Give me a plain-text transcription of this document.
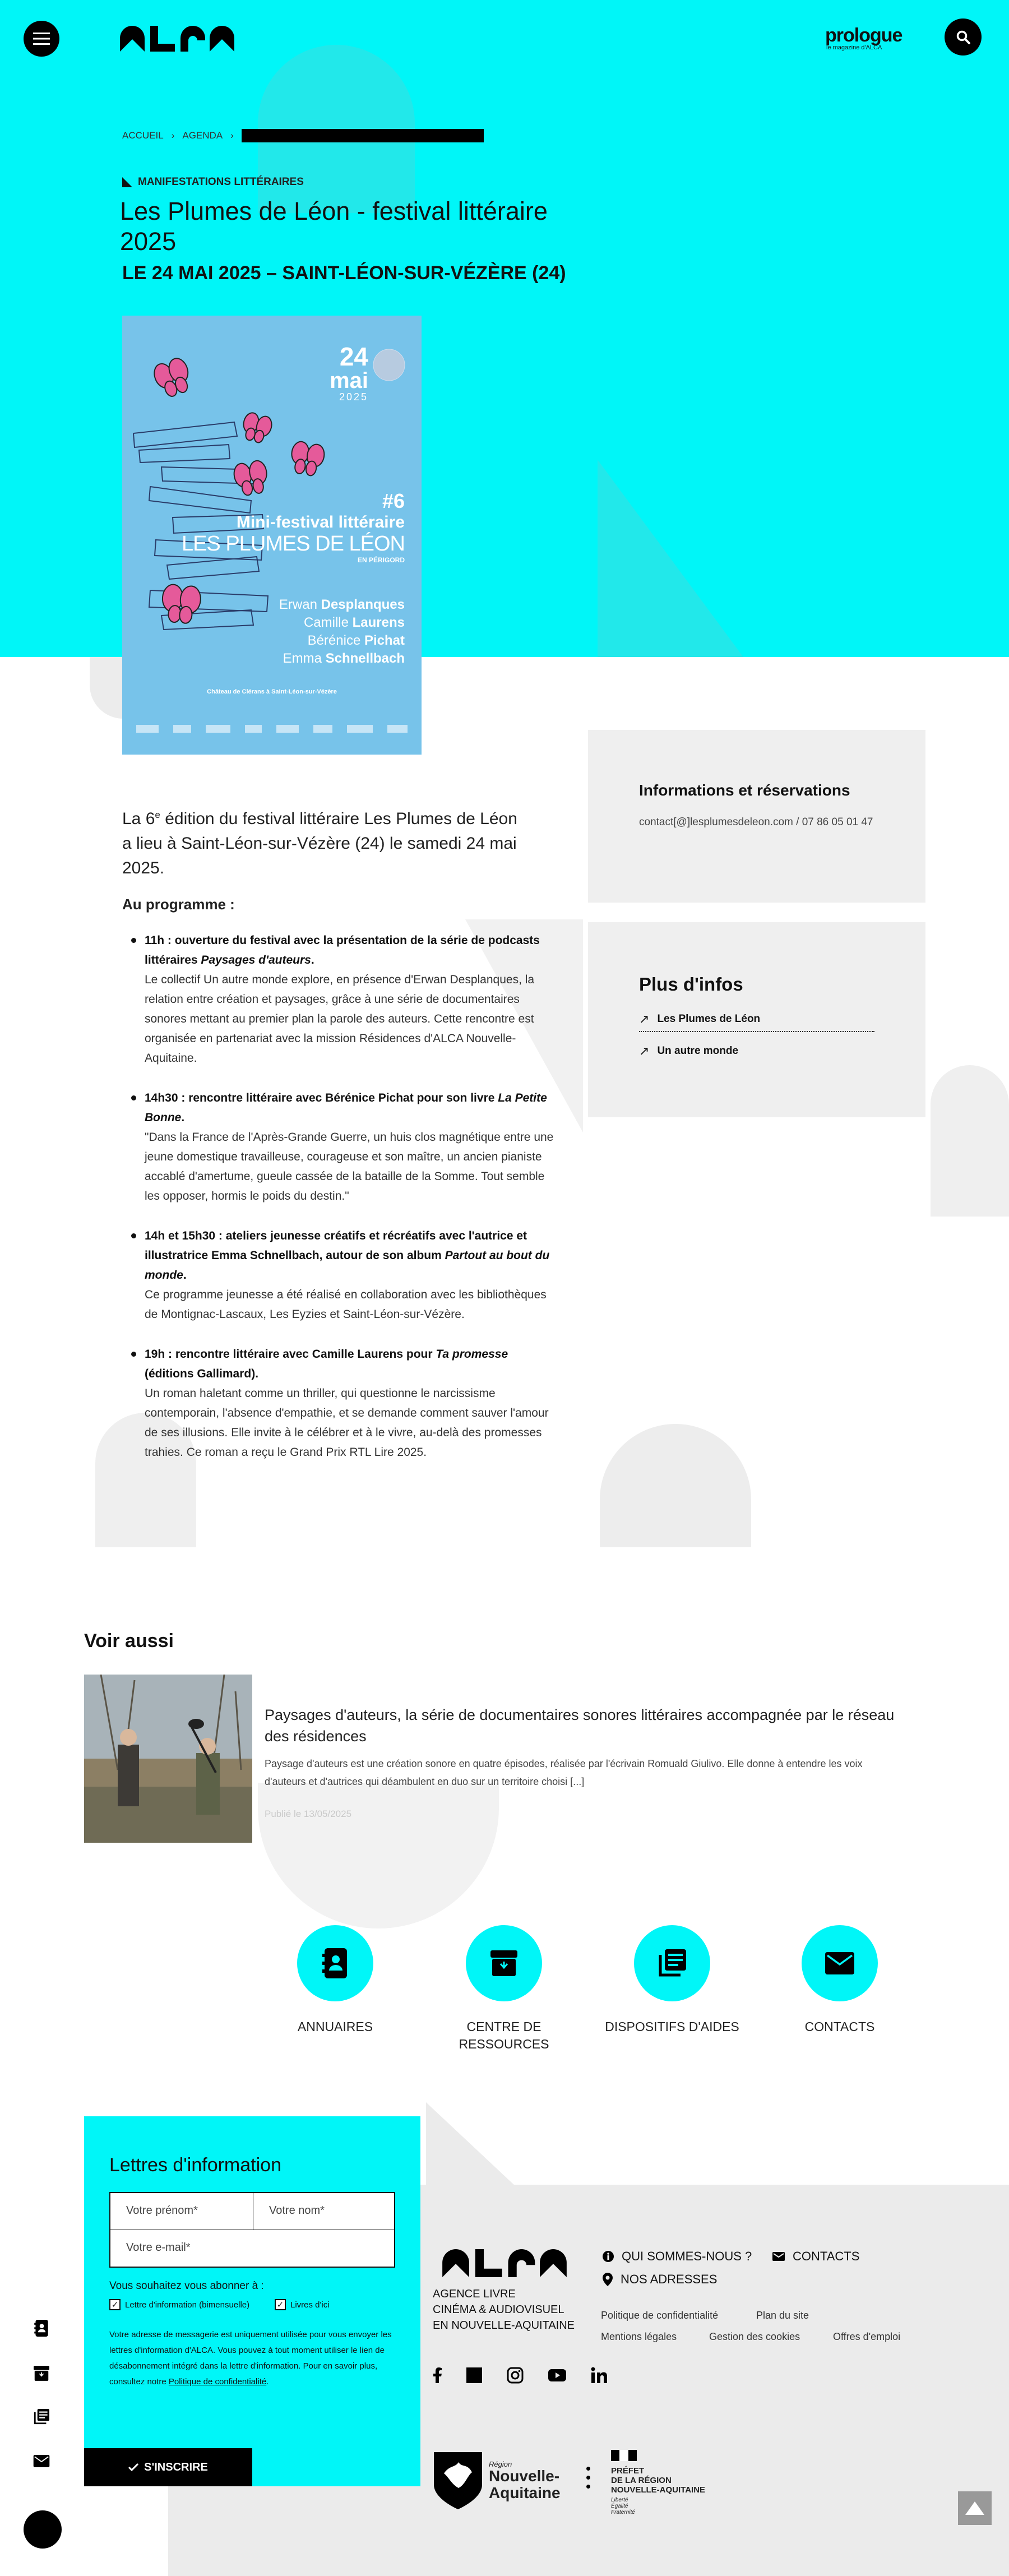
prologue
le magazine d'ALCA
ACCUEIL › AGENDA ›
MANIFESTATIONS LITTÉRAIRES
Les Plumes de Léon - festival littéraire 2025
LE 24 MAI 2025 – SAINT-LÉON-SUR-VÉZÈRE (24)
24
mai
2025
#6
Mini-festival littéraire
LES PLUMES DE LÉON
EN PÉRIGORD
Erwan Desplanques
Camille Laurens
Bérénice Pichat
Emma Schnellbach
Château de Clérans à Saint-Léon-sur-Vézère

La 6e édition du festival littéraire Les Plumes de Léon a lieu à Saint-Léon-sur-Vézère (24) le samedi 24 mai 2025.

Au programme :
11h : ouverture du festival avec la présentation de la série de podcasts littéraires Paysages d'auteurs.
Le collectif Un autre monde explore, en présence d'Erwan Desplanques, la relation entre création et paysages, grâce à une série de documentaires sonores mettant au premier plan la parole des auteurs. Cette rencontre est organisée en partenariat avec la mission Résidences d'ALCA Nouvelle-Aquitaine.
14h30 : rencontre littéraire avec Bérénice Pichat pour son livre La Petite Bonne.
"Dans la France de l'Après-Grande Guerre, un huis clos magnétique entre une jeune domestique travailleuse, courageuse et son maître, un ancien pianiste accablé d'amertume, gueule cassée de la bataille de la Somme. Tout semble les opposer, hormis le poids du destin."
14h et 15h30 : ateliers jeunesse créatifs et récréatifs avec l'autrice et illustratrice Emma Schnellbach, autour de son album Partout au bout du monde.
Ce programme jeunesse a été réalisé en collaboration avec les bibliothèques de Montignac-Lascaux, Les Eyzies et Saint-Léon-sur-Vézère.
19h : rencontre littéraire avec Camille Laurens pour Ta promesse (éditions Gallimard).
Un roman haletant comme un thriller, qui questionne le narcissisme contemporain, l'absence d'empathie, et se demande comment sauver l'amour de ses illusions. Elle invite à le célébrer et à le vivre, au-delà des promesses trahies. Ce roman a reçu le Grand Prix RTL Lire 2025.
Informations et réservations
contact[@]lesplumesdeleon.com / 07 86 05 01 47
Plus d'infos
↗ Les Plumes de Léon
↗ Un autre monde
Voir aussi
Paysages d'auteurs, la série de documentaires sonores littéraires accompagnée par le réseau des résidences
Paysage d'auteurs est une création sonore en quatre épisodes, réalisée par l'écrivain Romuald Giulivo. Elle donne à entendre les voix d'auteurs et d'autrices qui déambulent en duo sur un territoire choisi [...]
Publié le 13/05/2025
ANNUAIRES	CENTRE DE RESSOURCES
DISPOSITIFS D'AIDES	CONTACTS
Lettres d'information
Votre prénom*	Votre nom*
Votre e-mail*
Vous souhaitez vous abonner à :
✓ Lettre d'information (bimensuelle)	✓ Livres d'ici
Votre adresse de messagerie est uniquement utilisée pour vous envoyer les lettres d'information d'ALCA. Vous pouvez à tout moment utiliser le lien de désabonnement intégré dans la lettre d'information. Pour en savoir plus, consultez notre Politique de confidentialité.
S'INSCRIRE
AGENCE LIVRE
CINÉMA & AUDIOVISUEL
EN NOUVELLE-AQUITAINE
QUI SOMMES-NOUS ?	CONTACTS
NOS ADRESSES
Politique de confidentialité	Plan du site
Mentions légales	Gestion des cookies	Offres d'emploi
Région
Nouvelle-
Aquitaine
PRÉFET
DE LA RÉGION
NOUVELLE-AQUITAINE
Liberté
Égalité
Fraternité
